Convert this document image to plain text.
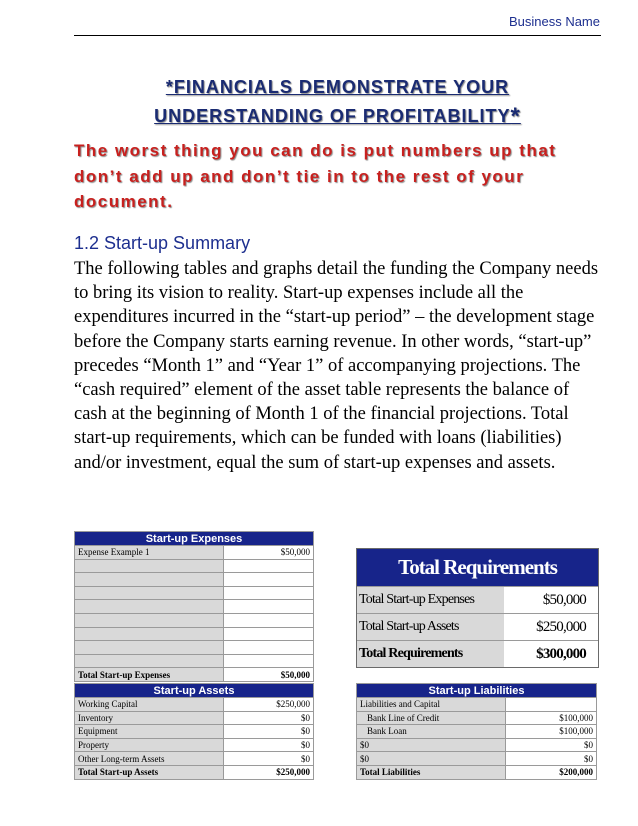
Business Name
*FINANCIALS DEMONSTRATE YOUR
UNDERSTANDING OF PROFITABILITY*
The worst thing you can do is put numbers up that don’t add up and don’t tie in to the rest of your document.
1.2 Start-up Summary
The following tables and graphs detail the funding the Company needs to bring its vision to reality. Start-up expenses include all the expenditures incurred in the “start-up period” – the development stage before the Company starts earning revenue. In other words, “start-up” precedes “Month 1” and “Year 1” of accompanying projections. The “cash required” element of the asset table represents the balance of cash at the beginning of Month 1 of the financial projections. Total start-up requirements, which can be funded with loans (liabilities) and/or investment, equal the sum of start-up expenses and assets.
Start-up Expenses	
Expense Example 1	$50,000

Total Start-up Expenses	$50,000
Total Requirements
Total Start-up Expenses	$50,000
Total Start-up Assets	$250,000
Total Requirements	$300,000
Start-up Assets	
Working Capital	$250,000
Inventory	$0
Equipment	$0
Property	$0
Other Long-term Assets	$0
Total Start-up Assets	$250,000
Start-up Liabilities	
Liabilities and Capital	
Bank Line of Credit	$100,000
Bank Loan	$100,000
$0	$0
$0	$0
Total Liabilities	$200,000
